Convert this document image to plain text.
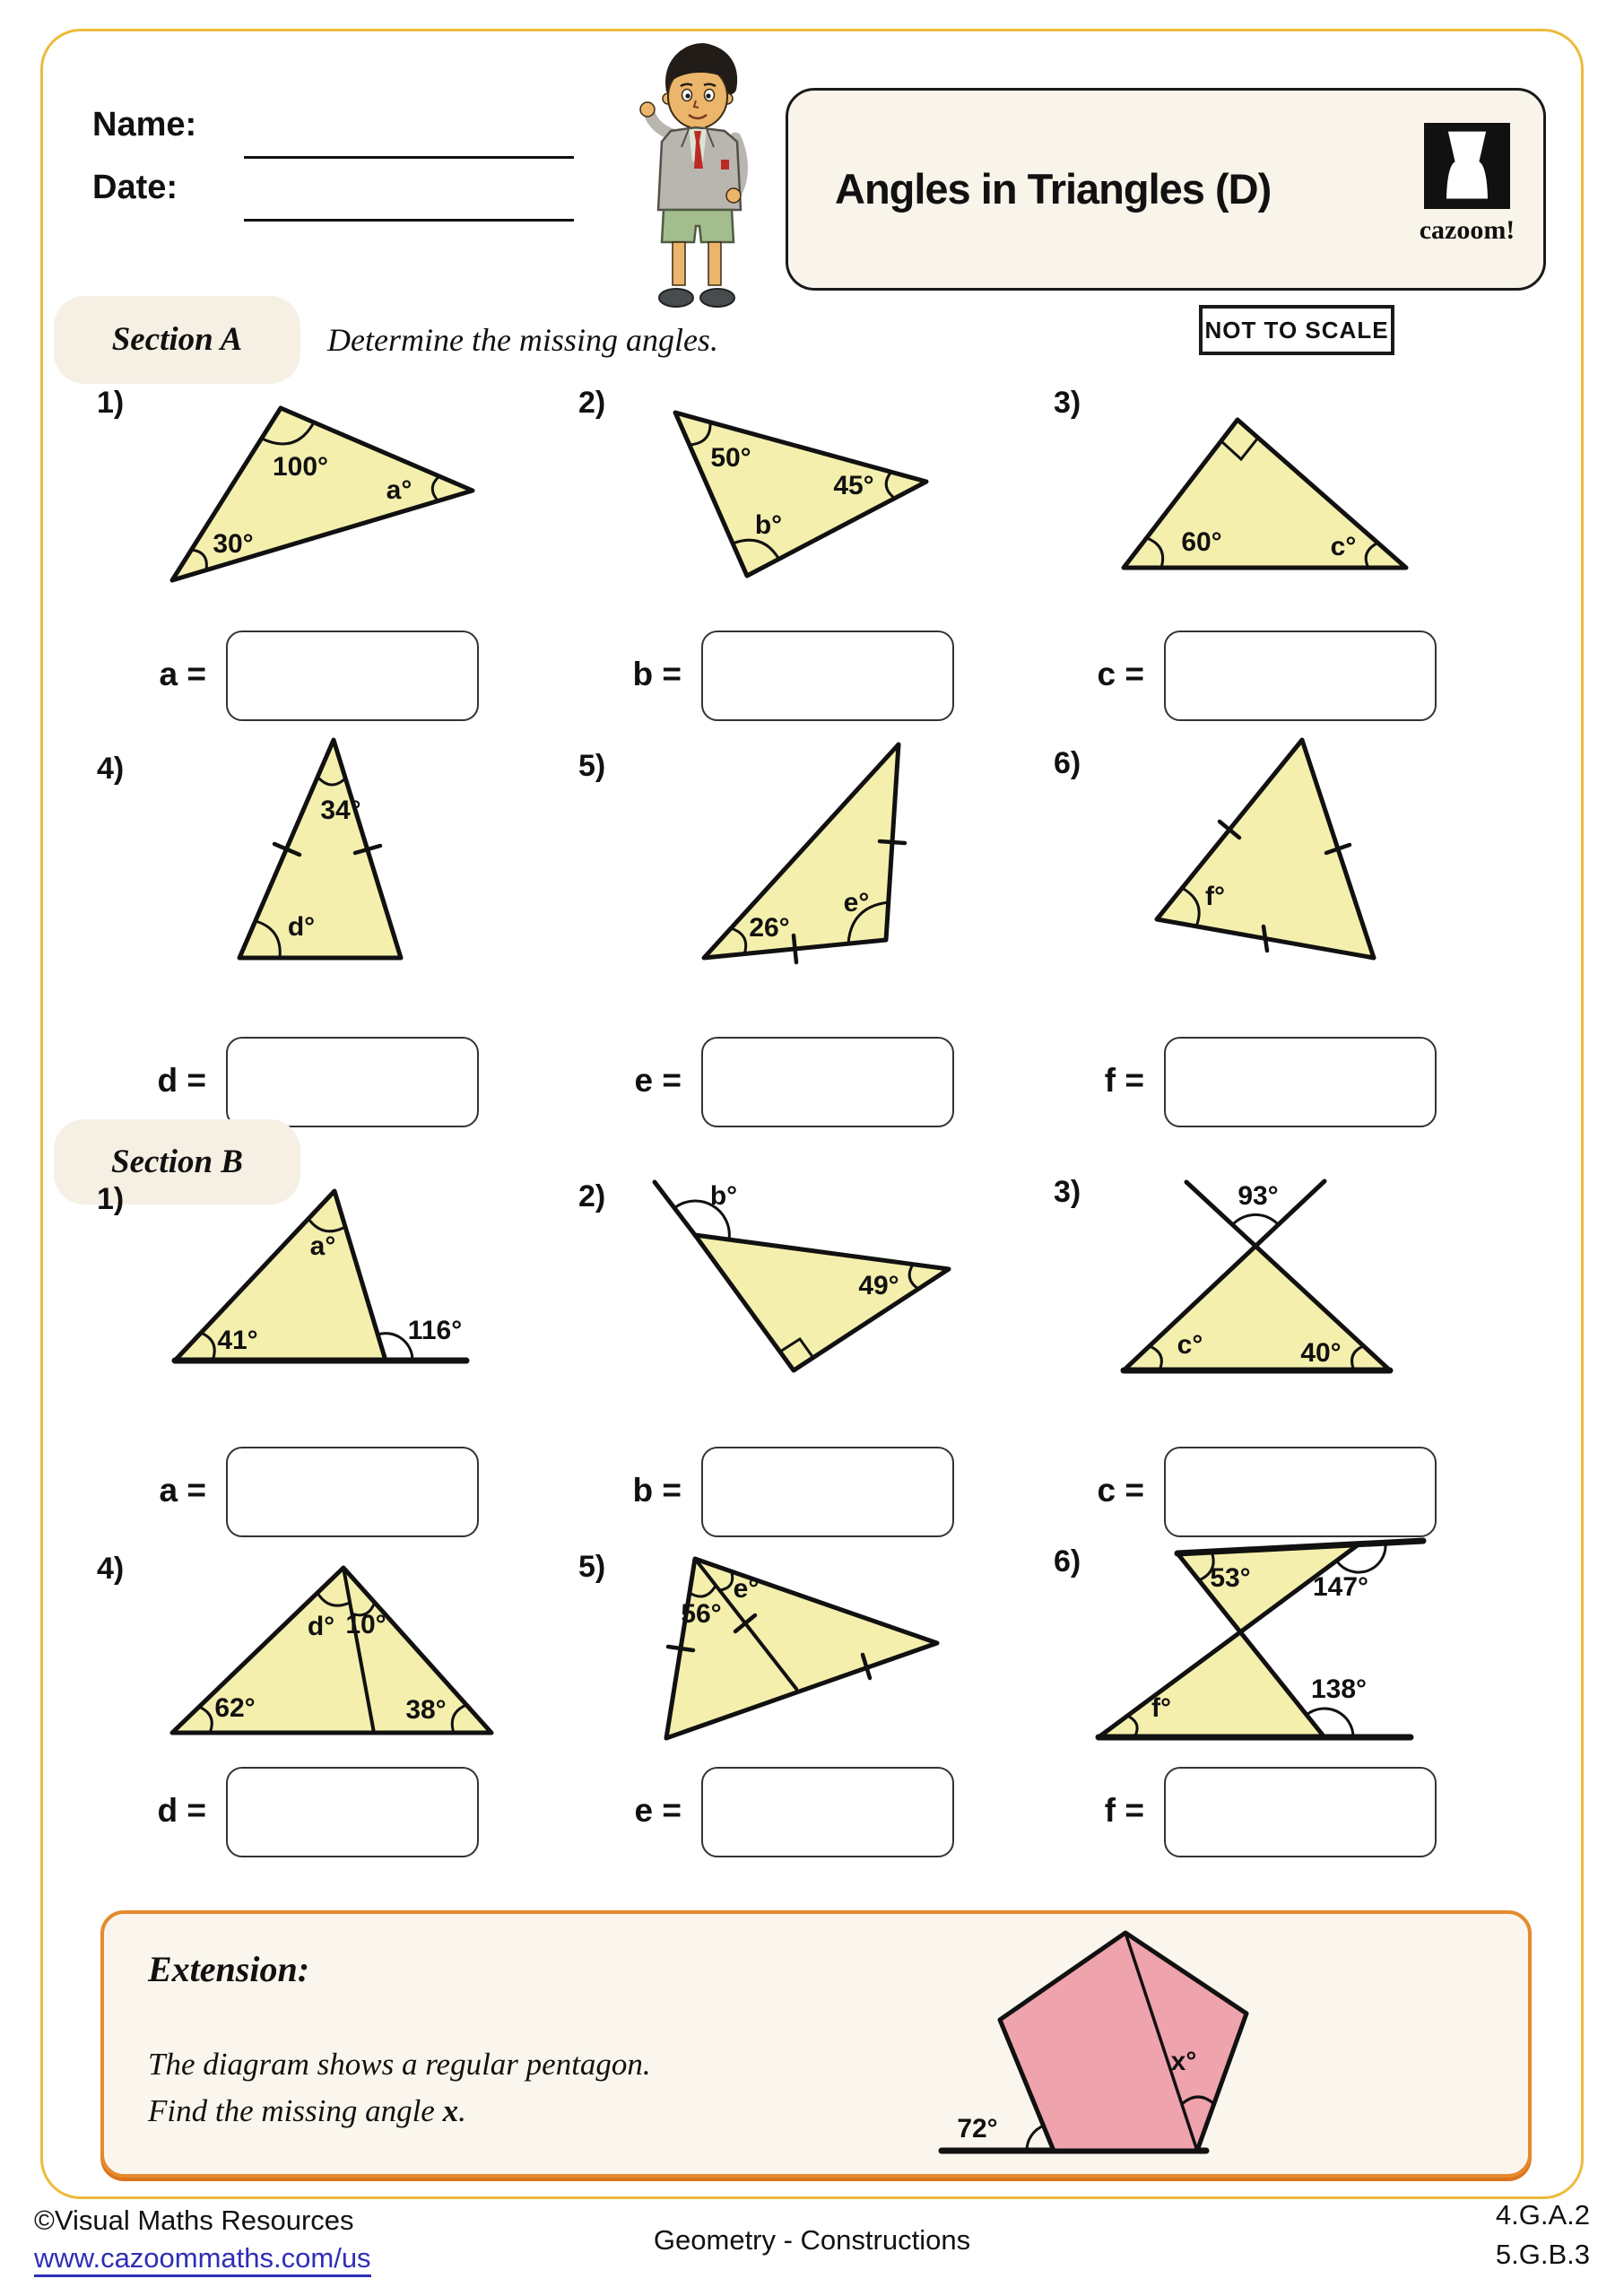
Name:
Date:	Angles in Triangles (D)
cazoom!
Section A	Determine the missing angles.	NOT TO SCALE
1)
100°
30°
a°
2)
50°
45°
b°
3)
60°	c°
a =	b =	c =
4)
34°
d°
5)
26°
e°
6)
f°
d =	e =	f =
Section B
1)
a°
41°	116°
2)	b°
49°
3)	93°
c°	40°
a =	b =	c =
4)
d° 10°
62°	38°
5)
56°
e°
6)	53° 147°
f°
138°
d =	e =	f =
Extension:
The diagram shows a regular pentagon.
Find the missing angle x.
72°
x°
©Visual Maths Resources
www.cazoommaths.com/us
Geometry - Constructions
4.G.A.2
5.G.B.3
